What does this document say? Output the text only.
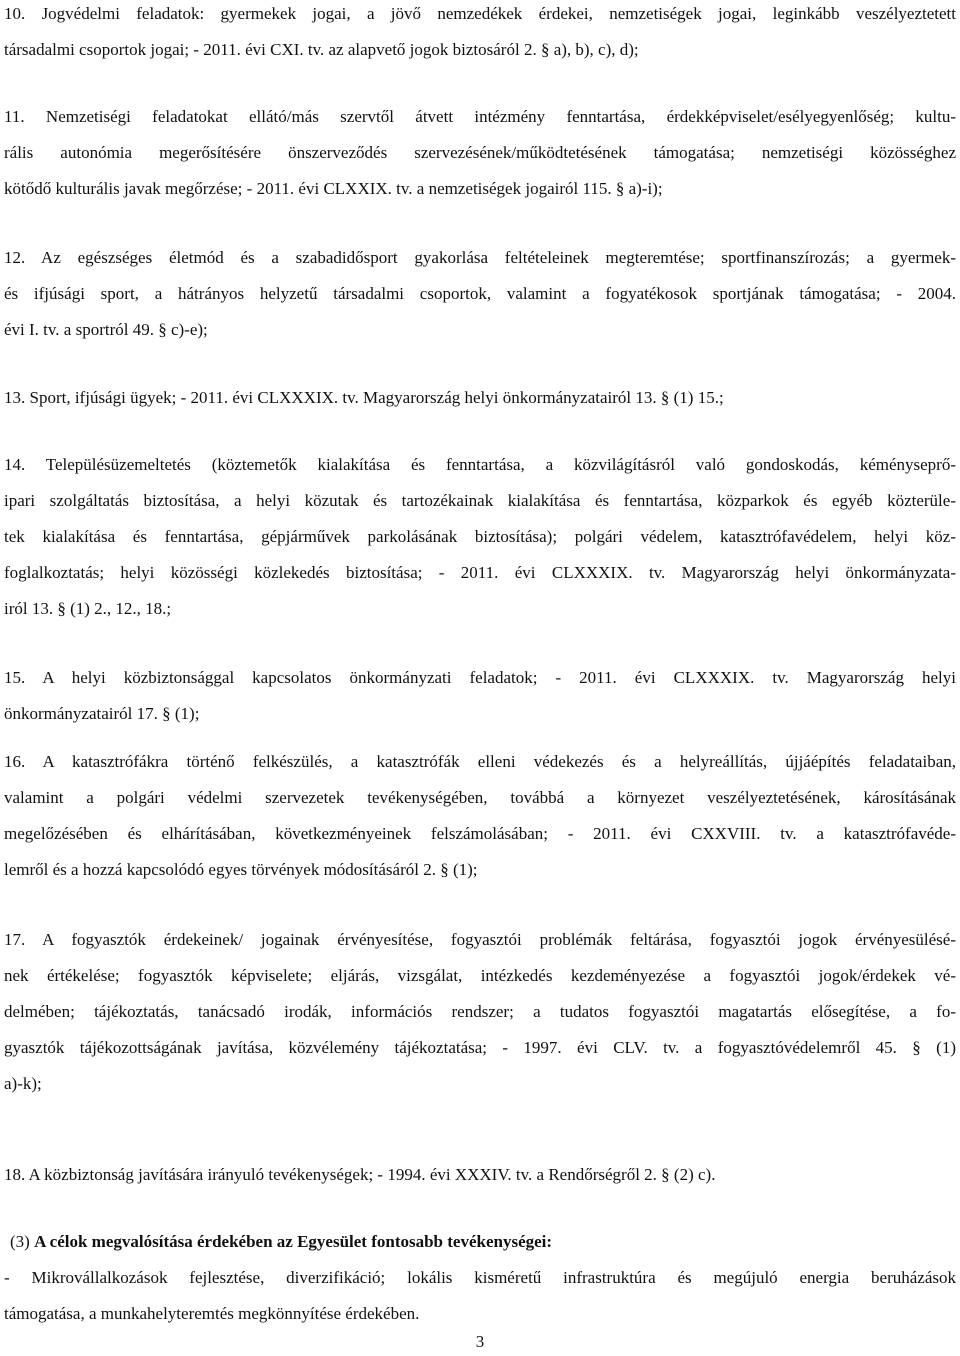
10. Jogvédelmi feladatok: gyermekek jogai, a jövő nemzedékek érdekei, nemzetiségek jogai, leginkább veszélyeztetett
társadalmi csoportok jogai; - 2011. évi CXI. tv. az alapvető jogok biztosáról 2. § a), b), c), d);
11. Nemzetiségi feladatokat ellátó/más szervtől átvett intézmény fenntartása, érdekképviselet/esélyegyenlőség; kultu-
rális autonómia megerősítésére önszerveződés szervezésének/működtetésének támogatása; nemzetiségi közösséghez
kötődő kulturális javak megőrzése; - 2011. évi CLXXIX. tv. a nemzetiségek jogairól 115. § a)-i);
12. Az egészséges életmód és a szabadidősport gyakorlása feltételeinek megteremtése; sportfinanszírozás; a gyermek-
és ifjúsági sport, a hátrányos helyzetű társadalmi csoportok, valamint a fogyatékosok sportjának támogatása; - 2004.
évi I. tv. a sportról 49. § c)-e);
13. Sport, ifjúsági ügyek; - 2011. évi CLXXXIX. tv. Magyarország helyi önkormányzatairól 13. § (1) 15.;
14. Településüzemeltetés (köztemetők kialakítása és fenntartása, a közvilágításról való gondoskodás, kéményseprő-
ipari szolgáltatás biztosítása, a helyi közutak és tartozékainak kialakítása és fenntartása, közparkok és egyéb közterüle-
tek kialakítása és fenntartása, gépjárművek parkolásának biztosítása); polgári védelem, katasztrófavédelem, helyi köz-
foglalkoztatás; helyi közösségi közlekedés biztosítása; - 2011. évi CLXXXIX. tv. Magyarország helyi önkormányzata-
iról 13. § (1) 2., 12., 18.;
15. A helyi közbiztonsággal kapcsolatos önkormányzati feladatok; - 2011. évi CLXXXIX. tv. Magyarország helyi
önkormányzatairól 17. § (1);
16. A katasztrófákra történő felkészülés, a katasztrófák elleni védekezés és a helyreállítás, újjáépítés feladataiban,
valamint a polgári védelmi szervezetek tevékenységében, továbbá a környezet veszélyeztetésének, károsításának
megelőzésében és elhárításában, következményeinek felszámolásában; - 2011. évi CXXVIII. tv. a katasztrófavéde-
lemről és a hozzá kapcsolódó egyes törvények módosításáról 2. § (1);
17. A fogyasztók érdekeinek/ jogainak érvényesítése, fogyasztói problémák feltárása, fogyasztói jogok érvényesülésé-
nek értékelése; fogyasztók képviselete; eljárás, vizsgálat, intézkedés kezdeményezése a fogyasztói jogok/érdekek vé-
delmében; tájékoztatás, tanácsadó irodák, információs rendszer; a tudatos fogyasztói magatartás elősegítése, a fo-
gyasztók tájékozottságának javítása, közvélemény tájékoztatása; - 1997. évi CLV. tv. a fogyasztóvédelemről 45. § (1)
a)-k);
18. A közbiztonság javítására irányuló tevékenységek; - 1994. évi XXXIV. tv. a Rendőrségről 2. § (2) c).
(3) A célok megvalósítása érdekében az Egyesület fontosabb tevékenységei:
- Mikrovállalkozások fejlesztése, diverzifikáció; lokális kisméretű infrastruktúra és megújuló energia beruházások
támogatása, a munkahelyteremtés megkönnyítése érdekében.
3
